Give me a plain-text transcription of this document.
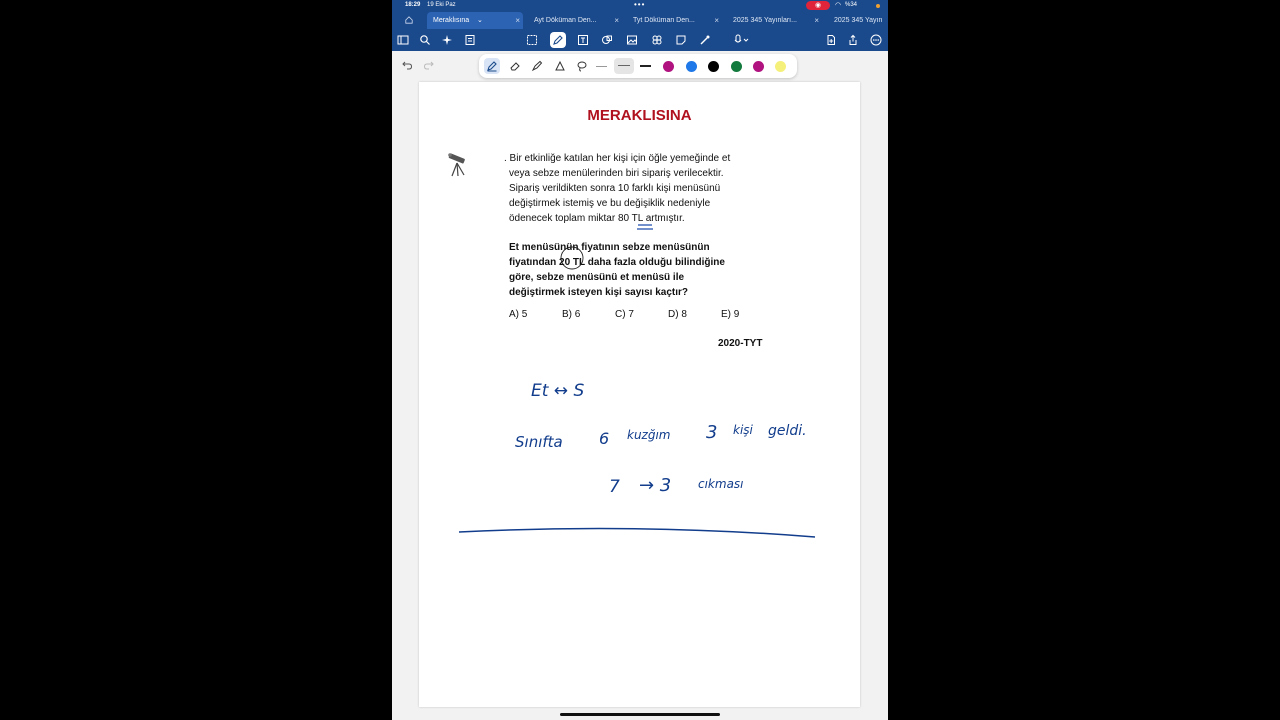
18:29 19 Eki Paz	•••	◉	◠ %34
Meraklısına ⌄	× Ayt Döküman Den... × Tyt Döküman Den... × 2025 345 Yayınları... × 2025 345 Yayın
MERAKLISINA
. Bir etkinliğe katılan her kişi için öğle yemeğinde et
veya sebze menülerinden biri sipariş verilecektir.
Sipariş verildikten sonra 10 farklı kişi menüsünü
değiştirmek istemiş ve bu değişiklik nedeniyle
ödenecek toplam miktar 80 TL artmıştır.
Et menüsünün fiyatının sebze menüsünün
fiyatından 20 TL daha fazla olduğu bilindiğine
göre, sebze menüsünü et menüsü ile
değiştirmek isteyen kişi sayısı kaçtır?
A) 5	B) 6	C) 7	D) 8	E) 9
2020-TYT
Et ↔ S
Sınıfta 6 kuzğım 3 kişi geldi.
7 → 3 cıkması
